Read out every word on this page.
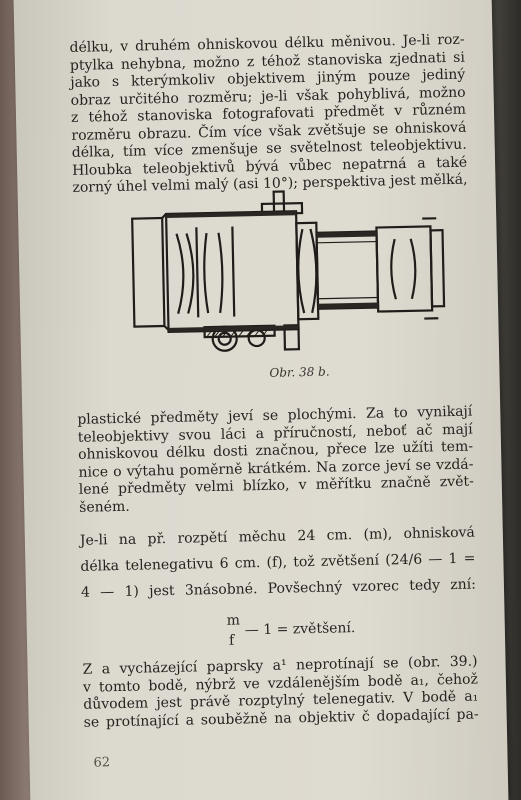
délku, v druhém ohniskovou délku měnivou. Je-li roz-
ptylka nehybna, možno z téhož stanoviska zjednati si
jako s kterýmkoliv objektivem jiným pouze jediný
obraz určitého rozměru; je-li však pohyblivá, možno
z téhož stanoviska fotografovati předmět v různém
rozměru obrazu. Čím více však zvětšuje se ohnisková
délka, tím více zmenšuje se světelnost teleobjektivu.
Hloubka teleobjektivů bývá vůbec nepatrná a také
zorný úhel velmi malý (asi 10°); perspektiva jest mělká,
Obr. 38 b.
plastické předměty jeví se plochými. Za to vynikají
teleobjektivy svou láci a příručností, neboť ač mají
ohniskovou délku dosti značnou, přece lze užíti tem-
nice o výtahu poměrně krátkém. Na zorce jeví se vzdá-
lené předměty velmi blízko, v měřítku značně zvět-
šeném.
Je-li na př. rozpětí měchu 24 cm. (m), ohnisková
délka telenegativu 6 cm. (f), tož zvětšení (24/6 — 1 =
4 — 1) jest 3násobné. Povšechný vzorec tedy zní:
m
f
— 1 = zvětšení.
Z a vycházející paprsky a¹ neprotínají se (obr. 39.)
v tomto bodě, nýbrž ve vzdálenějším bodě a₁, čehož
důvodem jest právě rozptylný telenegativ. V bodě a₁
se protínající a souběžně na objektiv č dopadající pa-
62
